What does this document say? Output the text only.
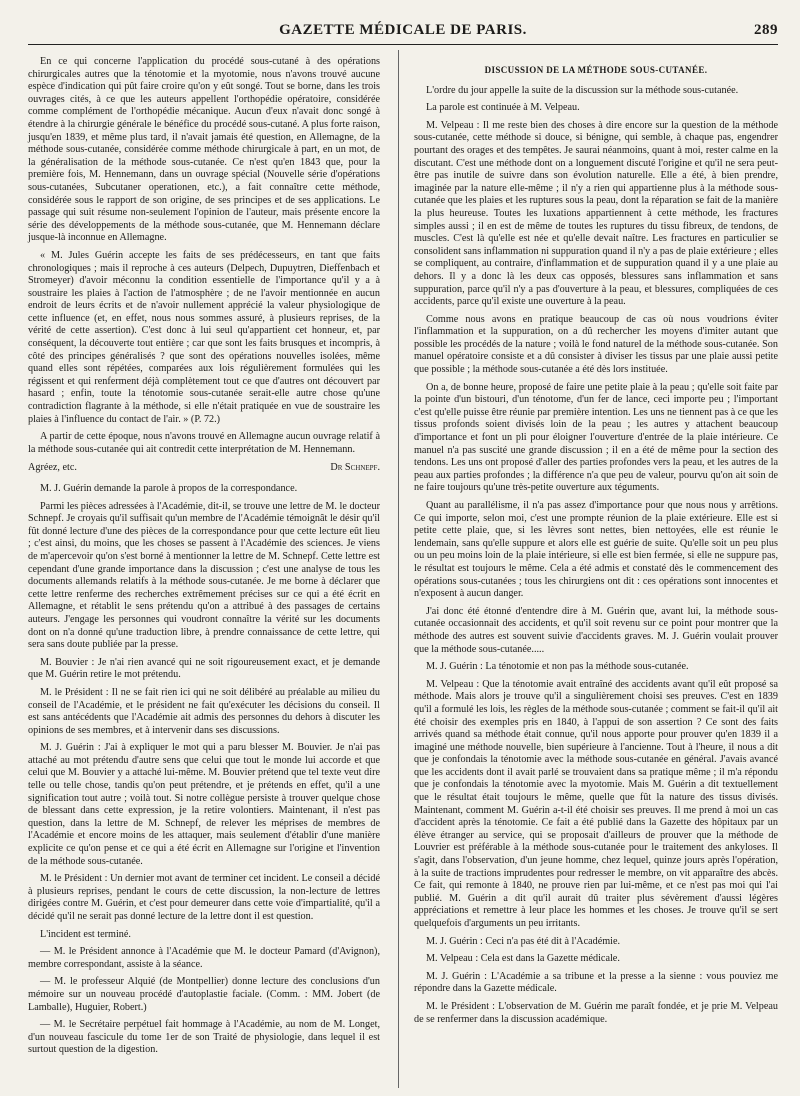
GAZETTE MÉDICALE DE PARIS.	289

En ce qui concerne l'application du procédé sous-cutané à des opérations chirurgicales autres que la ténotomie et la myotomie, nous n'avons trouvé aucune espèce d'indication qui pût faire croire qu'on y eût songé. Tout se borne, dans les trois ouvrages cités, à ce que les auteurs appellent l'orthopédie opératoire, considérée comme complément de l'orthopédie mécanique. Aucun d'eux n'avait donc songé à étendre à la chirurgie générale le bénéfice du procédé sous-cutané. A plus forte raison, jusqu'en 1839, et même plus tard, il n'avait jamais été question, en Allemagne, de la méthode sous-cutanée, considérée comme méthode chirurgicale à part, en un mot, de la généralisation de la méthode sous-cutanée. Ce n'est qu'en 1843 que, pour la première fois, M. Hennemann, dans un ouvrage spécial (Nouvelle série d'opérations sous-cutanées, Subcutaner operationen, etc.), a fait connaître cette méthode, considérée sous le rapport de son origine, de ses principes et de ses applications. Le passage qui suit résume non-seulement l'opinion de l'auteur, mais présente encore la série des développements de la méthode sous-cutanée, que M. Hennemann déclare jusque-là inconnue en Allemagne.

« M. Jules Guérin accepte les faits de ses prédécesseurs, en tant que faits chronologiques ; mais il reproche à ces auteurs (Delpech, Dupuytren, Dieffenbach et Stromeyer) d'avoir méconnu la condition essentielle de l'importance qu'il y a à soustraire les plaies à l'action de l'atmosphère ; de ne l'avoir mentionnée en aucun endroit de leurs écrits et de n'avoir nullement apprécié la valeur physiologique de cette influence (et, en effet, nous nous sommes assuré, à plusieurs reprises, de la vérité de cette assertion). C'est donc à lui seul qu'appartient cet honneur, et, par conséquent, la découverte tout entière ; car que sont les faits brusques et incompris, à côté des principes généralisés ? que sont des opérations nouvelles isolées, même quand elles sont répétées, comparées aux lois régulièrement formulées qui les régissent et qui renferment déjà complètement tout ce que d'autres ont découvert par hasard ; enfin, toute la ténotomie sous-cutanée serait-elle autre chose qu'une contradiction flagrante à la méthode, si elle n'était pratiquée en vue de soustraire les plaies à l'influence du contact de l'air. » (P. 72.)

A partir de cette époque, nous n'avons trouvé en Allemagne aucun ouvrage relatif à la méthode sous-cutanée qui ait contredit cette interprétation de M. Hennemann.

Agréez, etc.	Dr Schnepf.

M. J. Guérin demande la parole à propos de la correspondance.

Parmi les pièces adressées à l'Académie, dit-il, se trouve une lettre de M. le docteur Schnepf. Je croyais qu'il suffisait qu'un membre de l'Académie témoignât le désir qu'il fût donné lecture d'une des pièces de la correspondance pour que cette lecture eût lieu ; c'est ainsi, du moins, que les choses se passent à l'Académie des sciences. Je viens de m'apercevoir qu'on s'est borné à mentionner la lettre de M. Schnepf. Cette lettre est cependant d'une grande importance dans la discussion ; c'est une analyse de tous les documents allemands relatifs à la méthode sous-cutanée. Je me borne à déclarer que cette lettre renferme des recherches extrêmement précises sur ce qui a été écrit en Allemagne, et rétablit le sens prétendu qu'on a attribué à des passages de certains auteurs. J'engage les personnes qui voudront connaître la vérité sur les documents dont on n'a donné qu'une traduction libre, à prendre connaissance de cette lettre, qui sera sans doute publiée par la presse.

M. Bouvier : Je n'ai rien avancé qui ne soit rigoureusement exact, et je demande que M. Guérin retire le mot prétendu.

M. le Président : Il ne se fait rien ici qui ne soit délibéré au préalable au milieu du conseil de l'Académie, et le président ne fait qu'exécuter les décisions du conseil. Il est sans antécédents que l'Académie ait admis des personnes du dehors à discuter les opinions de ses membres, et à intervenir dans ses discussions.

M. J. Guérin : J'ai à expliquer le mot qui a paru blesser M. Bouvier. Je n'ai pas attaché au mot prétendu d'autre sens que celui que tout le monde lui accorde et que celui que M. Bouvier y a attaché lui-même. M. Bouvier prétend que tel texte veut dire telle ou telle chose, tandis qu'on peut prétendre, et je prétends en effet, qu'il a une signification tout autre ; voilà tout. Si notre collègue persiste à trouver quelque chose de blessant dans cette expression, je la retire volontiers. Maintenant, il n'est pas question, dans la lettre de M. Schnepf, de relever les méprises de membres de l'Académie et encore moins de les attaquer, mais seulement d'établir d'une manière explicite ce qu'on pense et ce qui a été écrit en Allemagne sur l'origine et l'invention de la méthode sous-cutanée.

M. le Président : Un dernier mot avant de terminer cet incident. Le conseil a décidé à plusieurs reprises, pendant le cours de cette discussion, la non-lecture de lettres dirigées contre M. Guérin, et c'est pour demeurer dans cette voie d'impartialité, qu'il a décidé qu'il ne serait pas donné lecture de la lettre dont il est question.

L'incident est terminé.

— M. le Président annonce à l'Académie que M. le docteur Pamard (d'Avignon), membre correspondant, assiste à la séance.

— M. le professeur Alquié (de Montpellier) donne lecture des conclusions d'un mémoire sur un nouveau procédé d'autoplastie faciale. (Comm. : MM. Jobert (de Lamballe), Huguier, Robert.)

— M. le Secrétaire perpétuel fait hommage à l'Académie, au nom de M. Longet, d'un nouveau fascicule du tome 1er de son Traité de physiologie, dans lequel il est surtout question de la digestion.

DISCUSSION DE LA MÉTHODE SOUS-CUTANÉE.

L'ordre du jour appelle la suite de la discussion sur la méthode sous-cutanée.

La parole est continuée à M. Velpeau.

M. Velpeau : Il me reste bien des choses à dire encore sur la question de la méthode sous-cutanée, cette méthode si douce, si bénigne, qui semble, à chaque pas, engendrer pourtant des orages et des tempêtes. Je saurai néanmoins, quant à moi, rester calme en la discutant. C'est une méthode dont on a longuement discuté l'origine et qu'il ne sera peut-être pas inutile de suivre dans son évolution naturelle. Elle a été, à bien prendre, imaginée par la nature elle-même ; il n'y a rien qui appartienne plus à la méthode sous-cutanée que les plaies et les ruptures sous la peau, dont la réparation se fait de la manière la plus heureuse. Toutes les luxations appartiennent à cette méthode, les fractures simples aussi ; il en est de même de toutes les ruptures du tissu fibreux, de tendons, de muscles. C'est là qu'elle est née et qu'elle devait naître. Les fractures en particulier se consolident sans inflammation ni suppuration quand il n'y a pas de plaie extérieure ; elles se compliquent, au contraire, d'inflammation et de suppuration quand il y a une plaie au dehors. Il y a donc là les deux cas opposés, blessures sans inflammation et sans suppuration, parce qu'il n'y a pas d'ouverture à la peau, et blessures, compliquées de ces accidents, parce qu'il existe une ouverture à la peau.

Comme nous avons en pratique beaucoup de cas où nous voudrions éviter l'inflammation et la suppuration, on a dû rechercher les moyens d'imiter autant que possible les procédés de la nature ; voilà le fond naturel de la méthode sous-cutanée. Son manuel opératoire consiste et a dû consister à diviser les tissus par une plaie aussi petite que possible ; la méthode sous-cutanée a été dès lors instituée.

On a, de bonne heure, proposé de faire une petite plaie à la peau ; qu'elle soit faite par la pointe d'un bistouri, d'un ténotome, d'un fer de lance, ceci importe peu ; l'important c'est qu'elle puisse être réunie par première intention. Les uns ne tiennent pas à ce que les tissus profonds soient divisés loin de la peau ; les autres y attachent beaucoup d'importance et font un pli pour éloigner l'ouverture d'entrée de la plaie intérieure. Ce manuel n'a pas suscité une grande discussion ; il en a été de même pour la section des tendons. Les uns ont proposé d'aller des parties profondes vers la peau, et les autres de la peau aux parties profondes ; la différence n'a que peu de valeur, pourvu qu'on ait soin de ne faire toujours qu'une très-petite ouverture aux téguments.

Quant au parallélisme, il n'a pas assez d'importance pour que nous nous y arrêtions. Ce qui importe, selon moi, c'est une prompte réunion de la plaie extérieure. Elle est si petite cette plaie, que, si les lèvres sont nettes, bien nettoyées, elle est réunie le lendemain, sans qu'elle suppure et alors elle est guérie de suite. Qu'elle soit un peu plus ou un peu moins loin de la plaie intérieure, si elle est bien fermée, si elle ne suppure pas, le résultat est toujours le même. Cela a été admis et constaté dès le commencement des opérations sous-cutanées ; tous les chirurgiens ont dit : ces opérations sont innocentes et n'exposent à aucun danger.

J'ai donc été étonné d'entendre dire à M. Guérin que, avant lui, la méthode sous-cutanée occasionnait des accidents, et qu'il soit revenu sur ce point pour montrer que la méthode des autres est souvent suivie d'accidents graves. M. J. Guérin voulait prouver que la méthode sous-cutanée.....

M. J. Guérin : La ténotomie et non pas la méthode sous-cutanée.

M. Velpeau : Que la ténotomie avait entraîné des accidents avant qu'il eût proposé sa méthode. Mais alors je trouve qu'il a singulièrement choisi ses preuves. C'est en 1839 qu'il a formulé les lois, les règles de la méthode sous-cutanée ; comment se fait-il qu'il ait été choisir des exemples pris en 1840, à l'appui de son assertion ? Ce sont des faits arrivés quand sa méthode était connue, qu'il nous apporte pour prouver qu'en 1839 il a imaginé une méthode nouvelle, bien supérieure à l'ancienne. Tout à l'heure, il nous a dit que je confondais la ténotomie avec la méthode sous-cutanée en général. J'avais avancé que les accidents dont il avait parlé se trouvaient dans sa pratique même ; il m'a répondu que je confondais la ténotomie avec la myotomie. Mais M. Guérin a dit textuellement que le résultat était toujours le même, quelle que fût la nature des tissus divisés. Maintenant, comment M. Guérin a-t-il été choisir ses preuves. Il me prend à moi un cas d'accident après la ténotomie. Ce fait a été publié dans la Gazette des hôpitaux par un élève étranger au service, qui se proposait d'ailleurs de prouver que la méthode de Louvrier est préférable à la méthode sous-cutanée pour le traitement des ankyloses. Il s'agit, dans l'observation, d'un jeune homme, chez lequel, quinze jours après l'opération, à la suite de tractions imprudentes pour redresser le membre, on vit apparaître des abcès. Ce fait, qui remonte à 1840, ne prouve rien par lui-même, et ce n'est pas moi qui l'ai publié. M. Guérin a dit qu'il aurait dû traiter plus sévèrement d'aussi légères appréciations et remettre à leur place les hommes et les choses. Je trouve qu'il se sert quelquefois d'arguments un peu irritants.

M. J. Guérin : Ceci n'a pas été dit à l'Académie.

M. Velpeau : Cela est dans la Gazette médicale.

M. J. Guérin : L'Académie a sa tribune et la presse a la sienne : vous pouviez me répondre dans la Gazette médicale.

M. le Président : L'observation de M. Guérin me paraît fondée, et je prie M. Velpeau de se renfermer dans la discussion académique.
